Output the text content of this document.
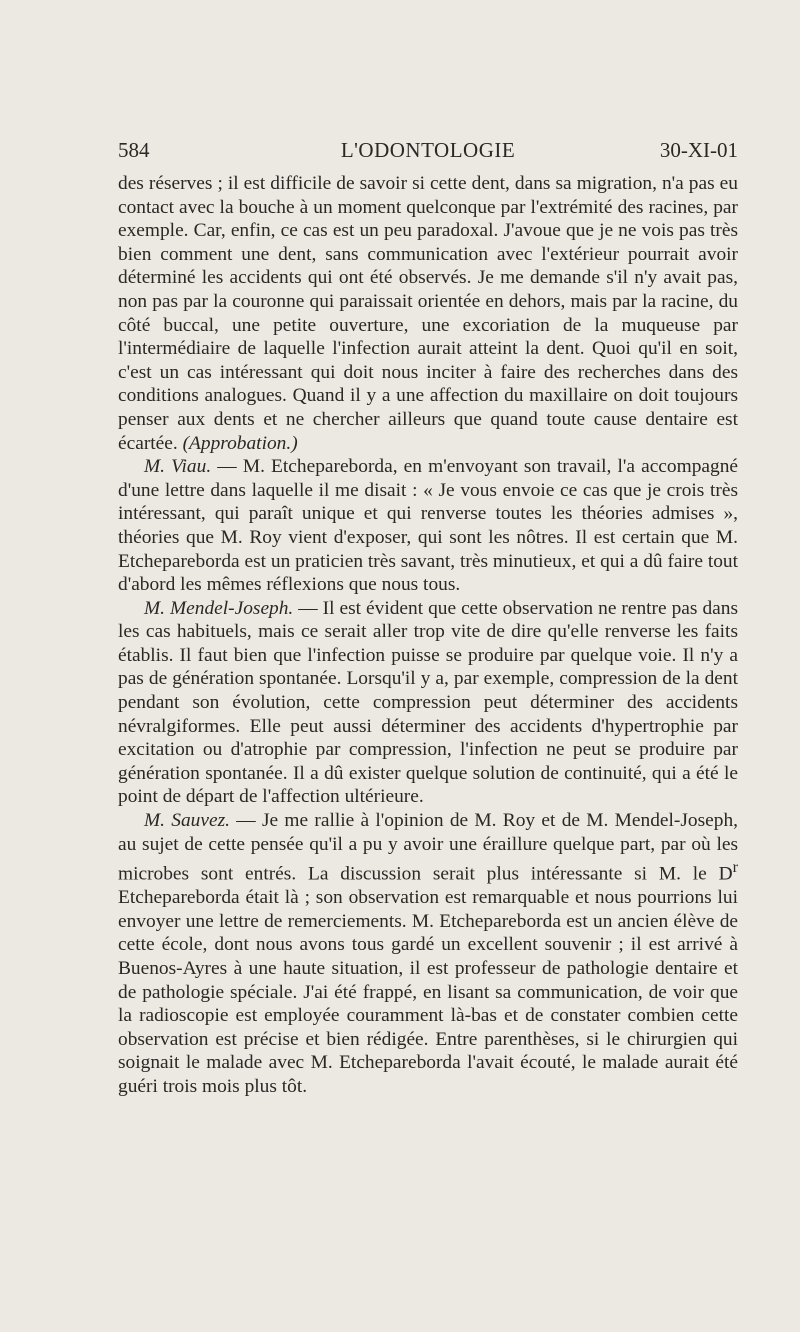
584	L'ODONTOLOGIE	30-XI-01

des réserves ; il est difficile de savoir si cette dent, dans sa migration, n'a pas eu contact avec la bouche à un moment quelconque par l'extrémité des racines, par exemple. Car, enfin, ce cas est un peu paradoxal. J'avoue que je ne vois pas très bien comment une dent, sans communication avec l'extérieur pourrait avoir déterminé les accidents qui ont été observés. Je me demande s'il n'y avait pas, non pas par la couronne qui paraissait orientée en dehors, mais par la racine, du côté buccal, une petite ouverture, une excoriation de la muqueuse par l'intermédiaire de laquelle l'infection aurait atteint la dent. Quoi qu'il en soit, c'est un cas intéressant qui doit nous inciter à faire des recherches dans des conditions analogues. Quand il y a une affection du maxillaire on doit toujours penser aux dents et ne chercher ailleurs que quand toute cause dentaire est écartée. (Approbation.)

M. Viau. — M. Etchepareborda, en m'envoyant son travail, l'a accompagné d'une lettre dans laquelle il me disait : « Je vous envoie ce cas que je crois très intéressant, qui paraît unique et qui renverse toutes les théories admises », théories que M. Roy vient d'exposer, qui sont les nôtres. Il est certain que M. Etchepareborda est un praticien très savant, très minutieux, et qui a dû faire tout d'abord les mêmes réflexions que nous tous.

M. Mendel-Joseph. — Il est évident que cette observation ne rentre pas dans les cas habituels, mais ce serait aller trop vite de dire qu'elle renverse les faits établis. Il faut bien que l'infection puisse se produire par quelque voie. Il n'y a pas de génération spontanée. Lorsqu'il y a, par exemple, compression de la dent pendant son évolution, cette compression peut déterminer des accidents névralgiformes. Elle peut aussi déterminer des accidents d'hypertrophie par excitation ou d'atrophie par compression, l'infection ne peut se produire par génération spontanée. Il a dû exister quelque solution de continuité, qui a été le point de départ de l'affection ultérieure.

M. Sauvez. — Je me rallie à l'opinion de M. Roy et de M. Mendel-Joseph, au sujet de cette pensée qu'il a pu y avoir une éraillure quelque part, par où les microbes sont entrés. La discussion serait plus intéressante si M. le $D^r$ Etchepareborda était là ; son observation est remarquable et nous pourrions lui envoyer une lettre de remerciements. M. Etchepareborda est un ancien élève de cette école, dont nous avons tous gardé un excellent souvenir ; il est arrivé à Buenos-Ayres à une haute situation, il est professeur de pathologie dentaire et de pathologie spéciale. J'ai été frappé, en lisant sa communication, de voir que la radioscopie est employée couramment là-bas et de constater combien cette observation est précise et bien rédigée. Entre parenthèses, si le chirurgien qui soignait le malade avec M. Etchepareborda l'avait écouté, le malade aurait été guéri trois mois plus tôt.
